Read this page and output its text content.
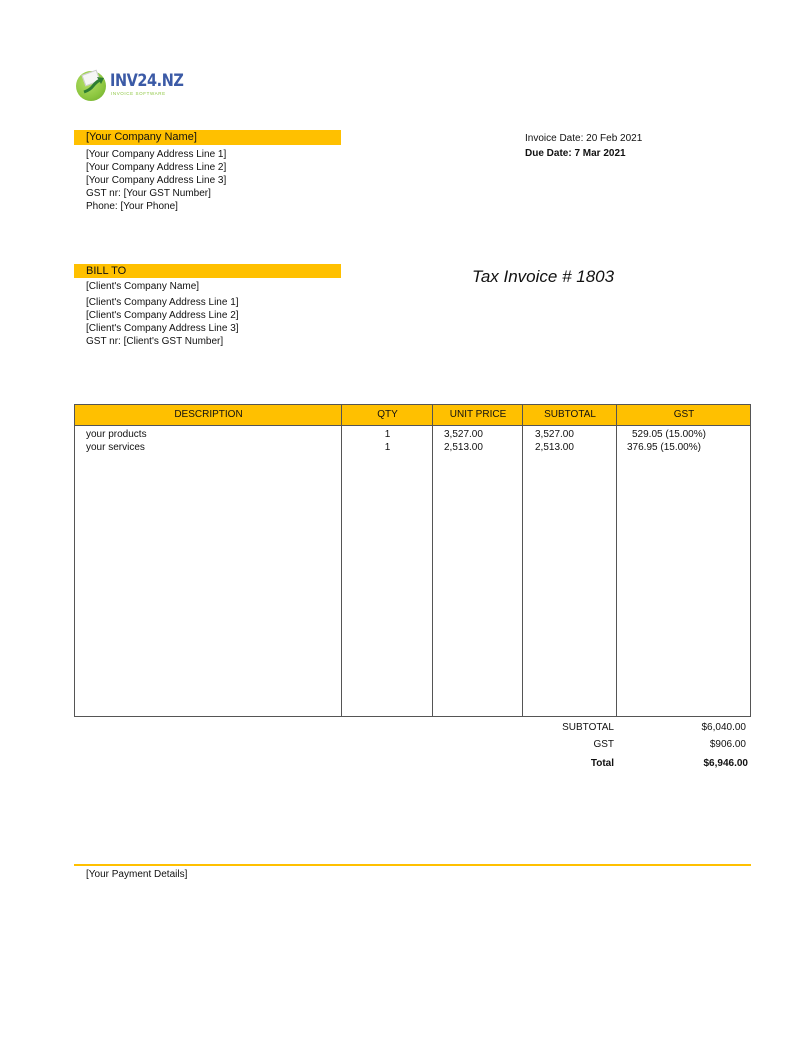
INV24.NZ
INVOICE SOFTWARE
[Your Company Name]
[Your Company Address Line 1]
[Your Company Address Line 2]
[Your Company Address Line 3]
GST nr: [Your GST Number]
Phone: [Your Phone]
Invoice Date: 20 Feb 2021
Due Date: 7 Mar 2021
BILL TO
[Client's Company Name]
[Client's Company Address Line 1]
[Client's Company Address Line 2]
[Client's Company Address Line 3]
GST nr: [Client's GST Number]
Tax Invoice # 1803
DESCRIPTION	QTY	UNIT PRICE	SUBTOTAL	GST
your products	1	3,527.00	3,527.00	529.05 (15.00%)
your services	1	2,513.00	2,513.00	376.95 (15.00%)
SUBTOTAL	$6,040.00
GST	$906.00
Total	$6,946.00
[Your Payment Details]
